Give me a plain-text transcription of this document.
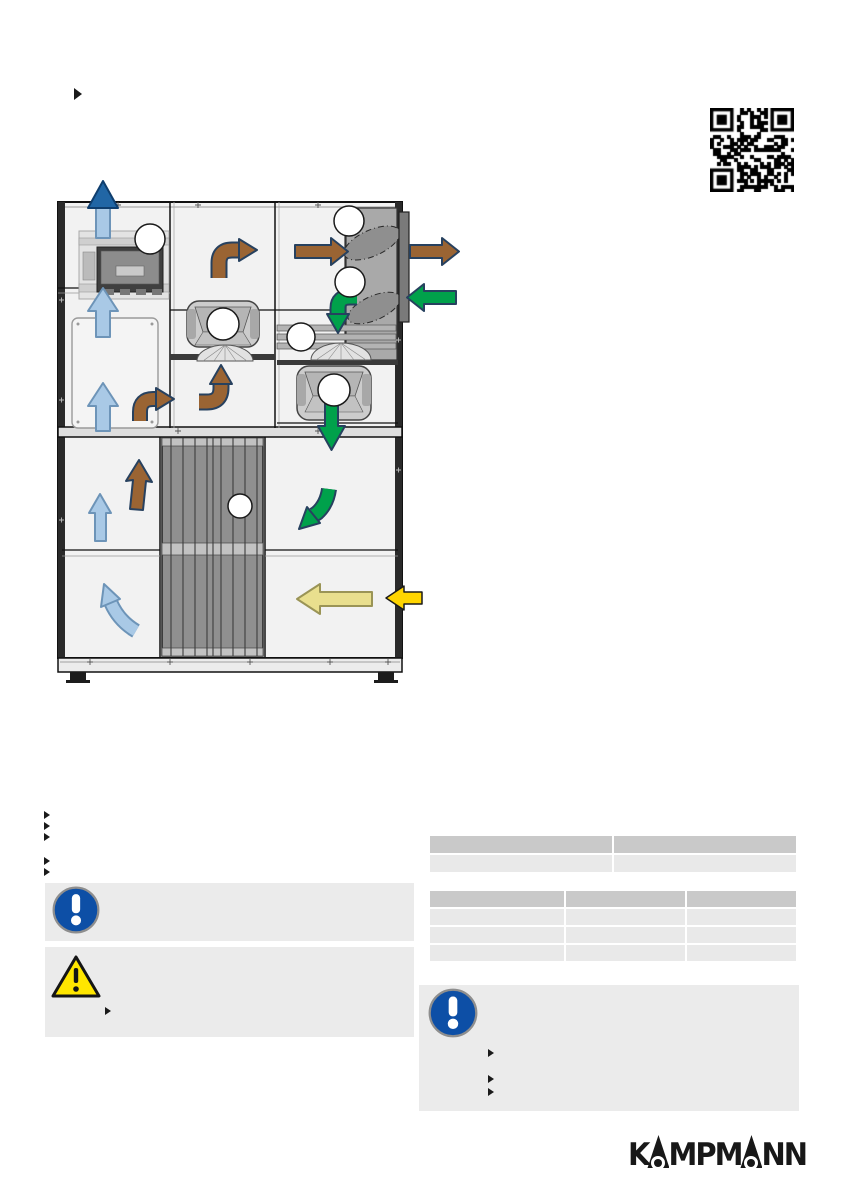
K M P M N N
